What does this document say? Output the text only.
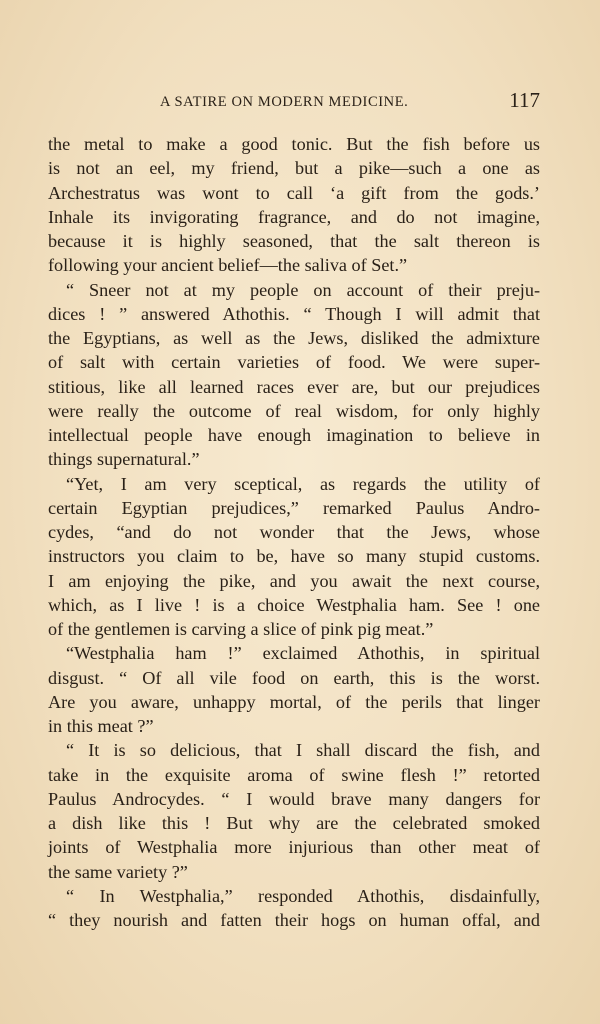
A SATIRE ON MODERN MEDICINE.	117
the metal to make a good tonic. But the fish before us
is not an eel, my friend, but a pike—such a one as
Archestratus was wont to call ‘a gift from the gods.’
Inhale its invigorating fragrance, and do not imagine,
because it is highly seasoned, that the salt thereon is
following your ancient belief—the saliva of Set.”
“ Sneer not at my people on account of their preju-
dices ! ” answered Athothis. “ Though I will admit that
the Egyptians, as well as the Jews, disliked the admixture
of salt with certain varieties of food. We were super-
stitious, like all learned races ever are, but our prejudices
were really the outcome of real wisdom, for only highly
intellectual people have enough imagination to believe in
things supernatural.”
“Yet, I am very sceptical, as regards the utility of
certain Egyptian prejudices,” remarked Paulus Andro-
cydes, “and do not wonder that the Jews, whose
instructors you claim to be, have so many stupid customs.
I am enjoying the pike, and you await the next course,
which, as I live ! is a choice Westphalia ham. See ! one
of the gentlemen is carving a slice of pink pig meat.”
“Westphalia ham !” exclaimed Athothis, in spiritual
disgust. “ Of all vile food on earth, this is the worst.
Are you aware, unhappy mortal, of the perils that linger
in this meat ?”
“ It is so delicious, that I shall discard the fish, and
take in the exquisite aroma of swine flesh !” retorted
Paulus Androcydes. “ I would brave many dangers for
a dish like this ! But why are the celebrated smoked
joints of Westphalia more injurious than other meat of
the same variety ?”
“ In Westphalia,” responded Athothis, disdainfully,
“ they nourish and fatten their hogs on human offal, and
